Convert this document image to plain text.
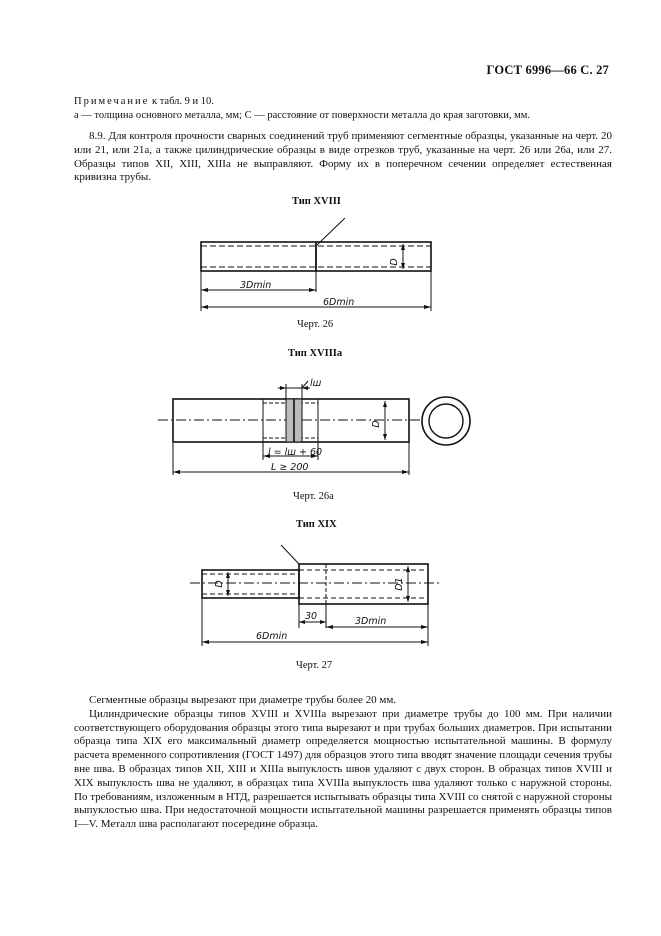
ГОСТ 6996—66 С. 27
Примечание к табл. 9 и 10.
a — толщина основного металла, мм; C — расстояние от поверхности металла до края заготовки, мм.

8.9. Для контроля прочности сварных соединений труб применяют сегментные образцы, указанные на черт. 20 или 21, или 21а, а также цилиндрические образцы в виде отрезков труб, указанные на черт. 26 или 26а, или 27. Образцы типов XII, XIII, XIIIа не выправляют. Форму их в поперечном сечении определяет естественная кривизна трубы.

Тип XVIII
D
3Dmin
6Dmin
Черт. 26
Тип XVIIIa
lш
D
l = lш + 60
L ≥ 200
Черт. 26а
Тип XIX
D	D1
30	3Dmin
6Dmin
Черт. 27

Сегментные образцы вырезают при диаметре трубы более 20 мм.

Цилиндрические образцы типов XVIII и XVIIIа вырезают при диаметре трубы до 100 мм. При наличии соответствующего оборудования образцы этого типа вырезают и при трубах больших диаметров. При испытании образца типа XIX его максимальный диаметр определяется мощностью испытательной машины. В формулу расчета временного сопротивления (ГОСТ 1497) для образцов этого типа вводят значение площади сечения трубы вне шва. В образцах типов XII, XIII и XIIIа выпуклость швов удаляют с двух сторон. В образцах типов XVIII и XIX выпуклость шва не удаляют, в образцах типа XVIIIа выпуклость шва удаляют только с наружной стороны. По требованиям, изложенным в НТД, разрешается испытывать образцы типа XVIII со снятой с наружной стороны выпуклостью шва. При недостаточной мощности испытательной машины разрешается применять образцы типов I—V. Металл шва располагают посередине образца.
